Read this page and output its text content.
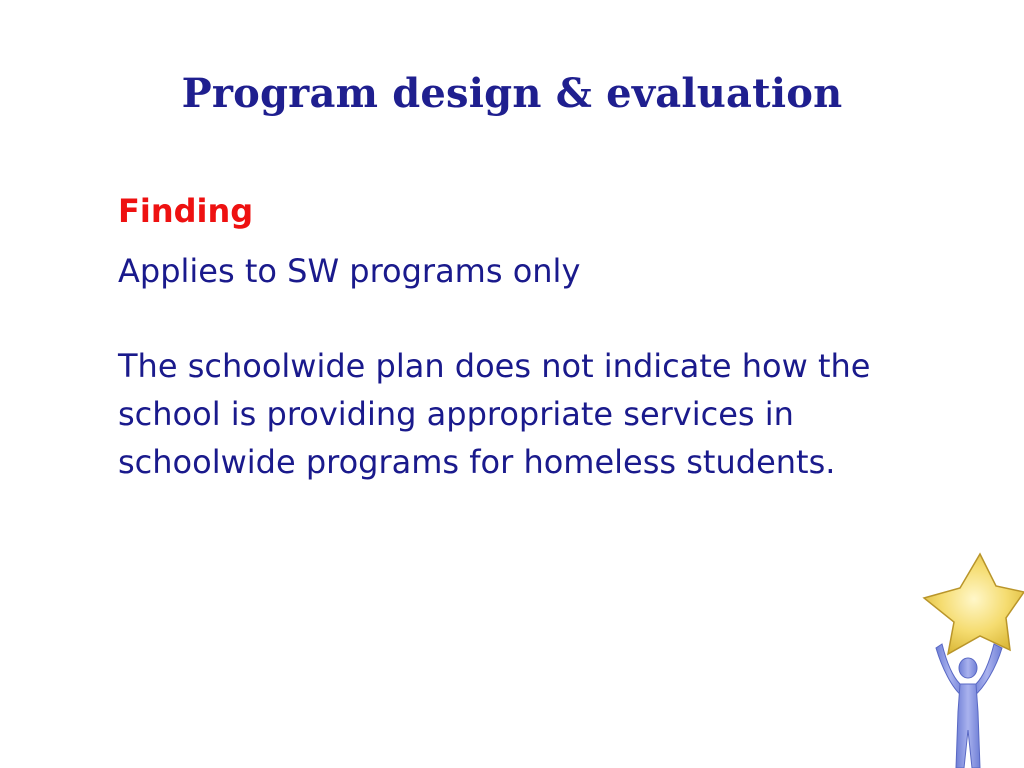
Program design & evaluation

Finding

Applies to SW programs only

The schoolwide plan does not indicate how the school is providing appropriate services in schoolwide programs for homeless students.
